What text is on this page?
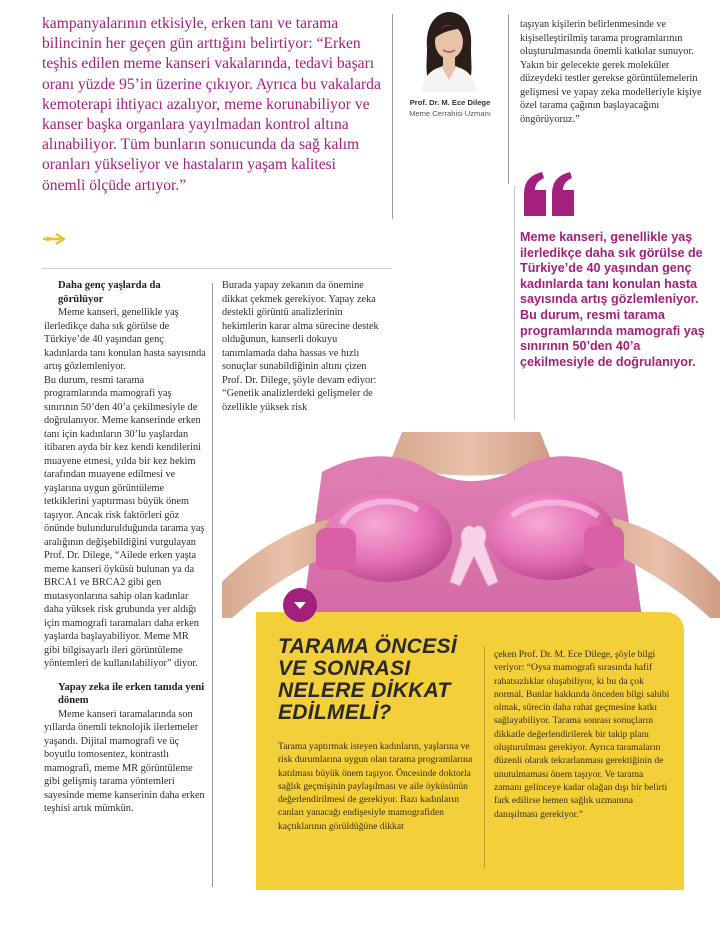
kampanyalarının etkisiyle, erken tanı ve tarama bilincinin her geçen gün arttığını belirtiyor: “Erken teşhis edilen meme kanseri vakalarında, tedavi başarı oranı yüzde 95’in üzerine çıkıyor. Ayrıca bu vakalarda kemoterapi ihtiyacı azalıyor, meme korunabiliyor ve kanser başka organlara yayılmadan kontrol altına alınabiliyor. Tüm bunların sonucunda da sağ kalım oranları yükseliyor ve hastaların yaşam kalitesi önemli ölçüde artıyor.”

Prof. Dr. M. Ece Dilege

Meme Cerrahisi Uzmanı

taşıyan kişilerin belirlenmesinde ve kişiselleştirilmiş tarama programlarının oluşturulmasında önemli katkılar sunuyor. Yakın bir gelecekte gerek moleküler düzeydeki testler gerekse görüntülemelerin gelişmesi ve yapay zeka modelleriyle kişiye özel tarama çağının başlayacağını öngörüyoruz.”

Meme kanseri, genellikle yaş ilerledikçe daha sık görülse de Türkiye’de 40 yaşından genç kadınlarda tanı konulan hasta sayısında artış gözlemleniyor. Bu durum, resmi tarama programlarında mamografi yaş sınırının 50’den 40’a çekilmesiyle de doğrulanıyor.

Daha genç yaşlarda da görülüyor

Meme kanseri, genellikle yaş ilerledikçe daha sık görülse de Türkiye’de 40 yaşından genç kadınlarda tanı konulan hasta sayısında artış gözlemleniyor.

Bu durum, resmi tarama programlarında mamografi yaş sınırının 50’den 40’a çekilmesiyle de doğrulanıyor. Meme kanserinde erken tanı için kadınların 30’lu yaşlardan itibaren ayda bir kez kendi kendilerini muayene etmesi, yılda bir kez hekim tarafından muayene edilmesi ve yaşlarına uygun görüntüleme tetkiklerini yaptırması büyük önem taşıyor. Ancak risk faktörleri göz önünde bulundurulduğunda tarama yaş aralığının değişebildiğini vurgulayan Prof. Dr. Dilege, “Ailede erken yaşta meme kanseri öyküsü bulunan ya da BRCA1 ve BRCA2 gibi gen mutasyonlarına sahip olan kadınlar daha yüksek risk grubunda yer aldığı için mamografi taramaları daha erken yaşlarda başlayabiliyor. Meme MR gibi bilgisayarlı ileri görüntüleme yöntemleri de kullanılabiliyor” diyor.

Yapay zeka ile erken tanıda yeni dönem

Meme kanseri taramalarında son yıllarda önemli teknolojik ilerlemeler yaşandı. Dijital mamografi ve üç boyutlu tomosentez, kontrastlı mamografi, meme MR görüntüleme gibi gelişmiş tarama yöntemleri sayesinde meme kanserinin daha erken teşhisi artık mümkün.

Burada yapay zekanın da önemine dikkat çekmek gerekiyor. Yapay zeka destekli görüntü analizlerinin hekimlerin karar alma sürecine destek olduğunun, kanserli dokuyu tanımlamada daha hassas ve hızlı sonuçlar sunabildiğinin altını çizen Prof. Dr. Dilege, şöyle devam ediyor: “Genetik analizlerdeki gelişmeler de özellikle yüksek risk

TARAMA ÖNCESİ VE SONRASI NELERE DİKKAT EDİLMELİ?

Tarama yaptırmak isteyen kadınların, yaşlarına ve risk durumlarına uygun olan tarama programlarına katılması büyük önem taşıyor. Öncesinde doktorla sağlık geçmişinin paylaşılması ve aile öyküsünün değerlendirilmesi de gerekiyor. Bazı kadınların canları yanacağı endişesiyle mamografiden kaçtıklarının görüldüğüne dikkat

çeken Prof. Dr. M. Ece Dilege, şöyle bilgi veriyor: “Oysa mamografi sırasında hafif rahatsızlıklar oluşabiliyor, ki bu da çok normal. Bunlar hakkında önceden bilgi sahibi olmak, sürecin daha rahat geçmesine katkı sağlayabiliyor. Tarama sonrası sonuçların dikkatle değerlendirilerek bir takip planı oluşturulması gerekiyor. Ayrıca taramaların düzenli olarak tekrarlanması gerektiğinin de unutulmaması önem taşıyor. Ve tarama zamanı gelinceye kadar olağan dışı bir belirti fark edilirse hemen sağlık uzmanına danışılması gerekiyor.”
